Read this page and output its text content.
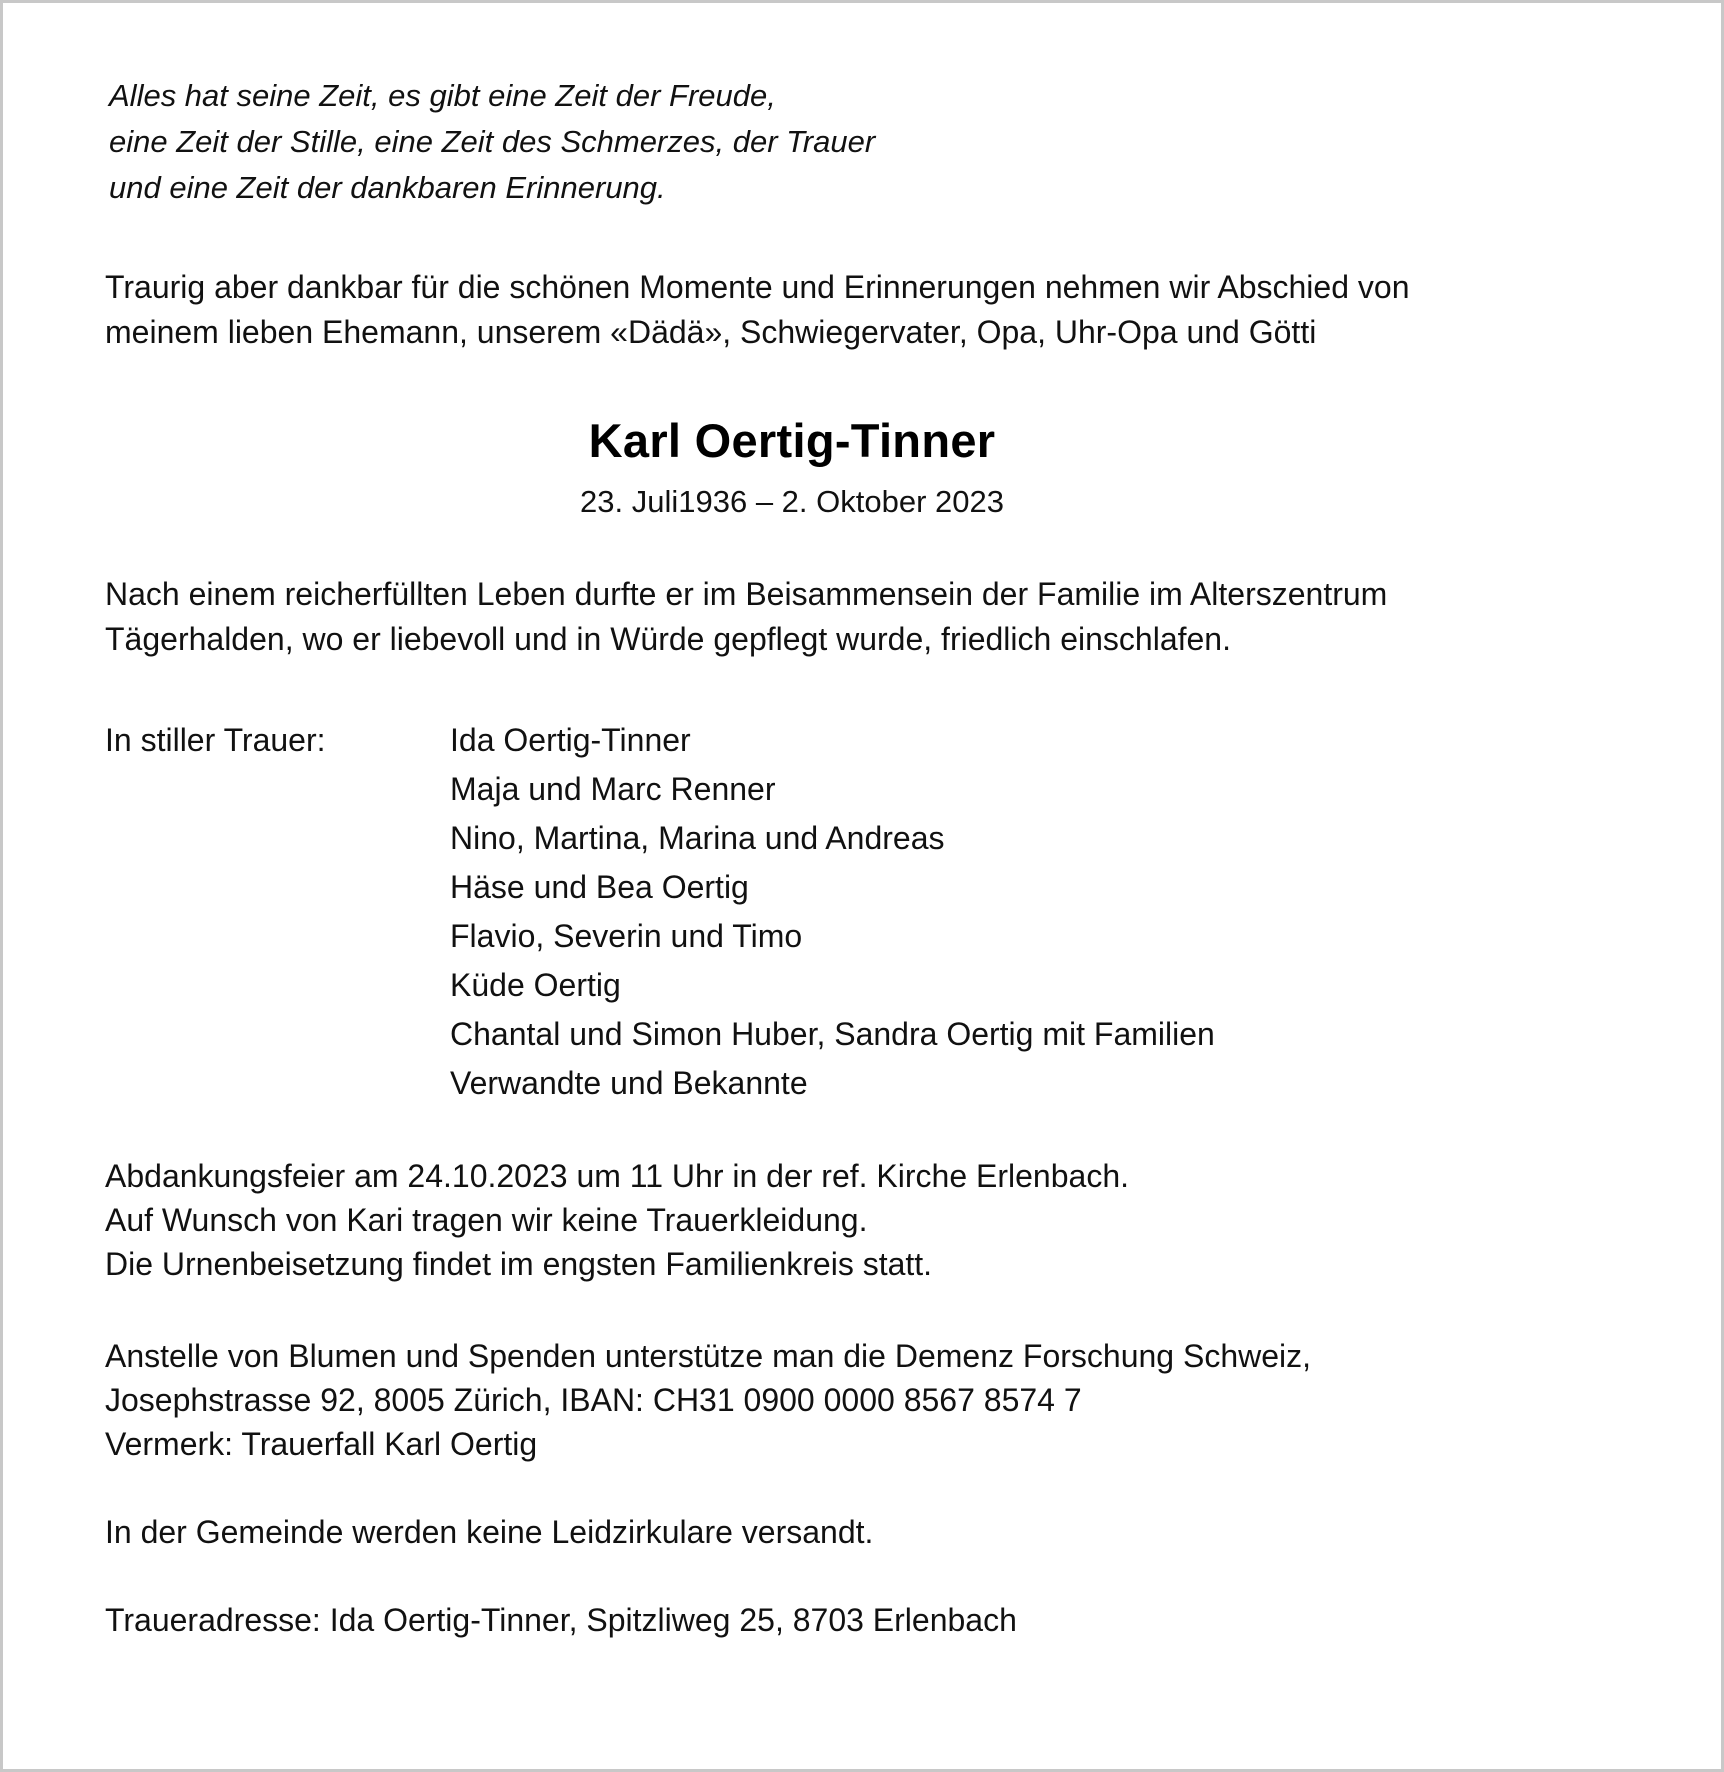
Alles hat seine Zeit, es gibt eine Zeit der Freude,
eine Zeit der Stille, eine Zeit des Schmerzes, der Trauer
und eine Zeit der dankbaren Erinnerung.
Traurig aber dankbar für die schönen Momente und Erinnerungen nehmen wir Abschied von
meinem lieben Ehemann, unserem «Dädä», Schwiegervater, Opa, Uhr-Opa und Götti
Karl Oertig-Tinner
23. Juli1936 – 2. Oktober 2023
Nach einem reicherfüllten Leben durfte er im Beisammensein der Familie im Alterszentrum
Tägerhalden, wo er liebevoll und in Würde gepflegt wurde, friedlich einschlafen.
In stiller Trauer:	Ida Oertig-Tinner
Maja und Marc Renner
Nino, Martina, Marina und Andreas
Häse und Bea Oertig
Flavio, Severin und Timo
Küde Oertig
Chantal und Simon Huber, Sandra Oertig mit Familien
Verwandte und Bekannte
Abdankungsfeier am 24.10.2023 um 11 Uhr in der ref. Kirche Erlenbach.
Auf Wunsch von Kari tragen wir keine Trauerkleidung.
Die Urnenbeisetzung findet im engsten Familienkreis statt.
Anstelle von Blumen und Spenden unterstütze man die Demenz Forschung Schweiz,
Josephstrasse 92, 8005 Zürich, IBAN: CH31 0900 0000 8567 8574 7
Vermerk: Trauerfall Karl Oertig
In der Gemeinde werden keine Leidzirkulare versandt.
Traueradresse: Ida Oertig-Tinner, Spitzliweg 25, 8703 Erlenbach
